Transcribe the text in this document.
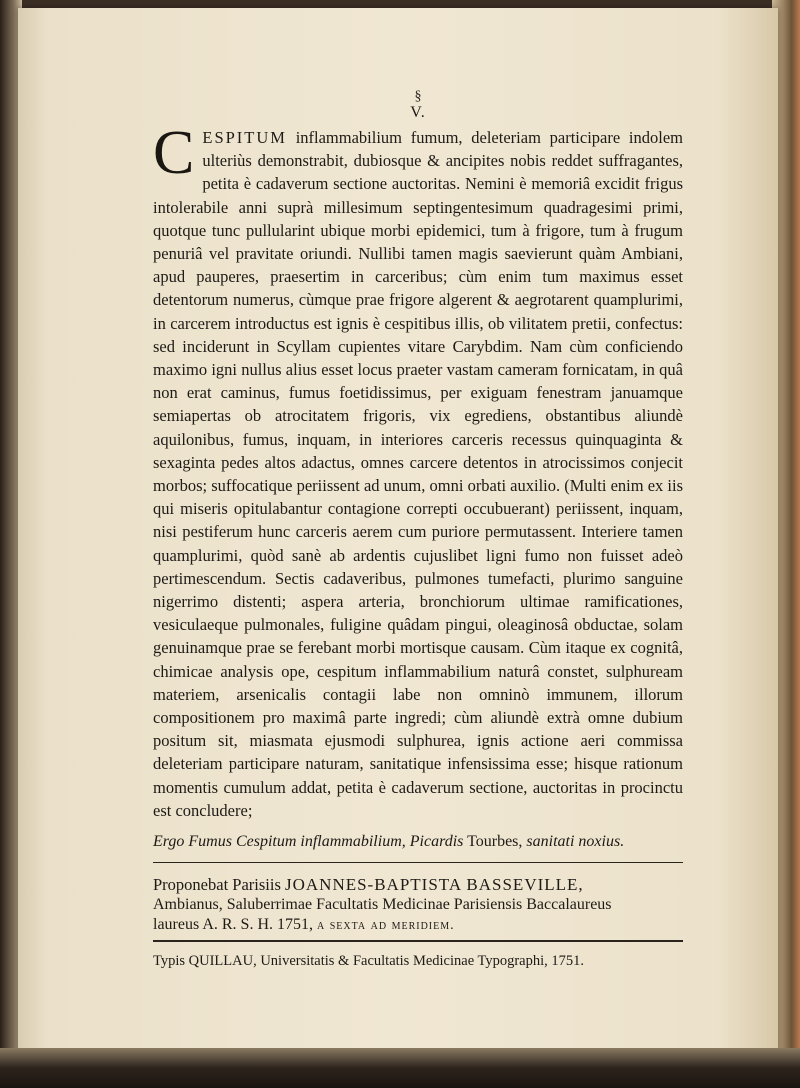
§
V.

CESPITUM inflammabilium fumum, deleteriam participare indolem ulteriùs demonstrabit, dubiosque & ancipites nobis reddet suffragantes, petita è cadaverum sectione auctoritas. Nemini è memoriâ excidit frigus intolerabile anni suprà millesimum septingentesimum quadragesimi primi, quotque tunc pullularint ubique morbi epidemici, tum à frigore, tum à frugum penuriâ vel pravitate oriundi. Nullibi tamen magis saevierunt quàm Ambiani, apud pauperes, praesertim in carceribus; cùm enim tum maximus esset detentorum numerus, cùmque prae frigore algerent & aegrotarent quamplurimi, in carcerem introductus est ignis è cespitibus illis, ob vilitatem pretii, confectus: sed inciderunt in Scyllam cupientes vitare Carybdim. Nam cùm conficiendo maximo igni nullus alius esset locus praeter vastam cameram fornicatam, in quâ non erat caminus, fumus foetidissimus, per exiguam fenestram januamque semiapertas ob atrocitatem frigoris, vix egrediens, obstantibus aliundè aquilonibus, fumus, inquam, in interiores carceris recessus quinquaginta & sexaginta pedes altos adactus, omnes carcere detentos in atrocissimos conjecit morbos; suffocatique periissent ad unum, omni orbati auxilio. (Multi enim ex iis qui miseris opitulabantur contagione correpti occubuerant) periissent, inquam, nisi pestiferum hunc carceris aerem cum puriore permutassent. Interiere tamen quamplurimi, quòd sanè ab ardentis cujuslibet ligni fumo non fuisset adeò pertimescendum. Sectis cadaveribus, pulmones tumefacti, plurimo sanguine nigerrimo distenti; aspera arteria, bronchiorum ultimae ramificationes, vesiculaeque pulmonales, fuligine quâdam pingui, oleaginosâ obductae, solam genuinamque prae se ferebant morbi mortisque causam. Cùm itaque ex cognitâ, chimicae analysis ope, cespitum inflammabilium naturâ constet, sulphuream materiem, arsenicalis contagii labe non omninò immunem, illorum compositionem pro maximâ parte ingredi; cùm aliundè extrà omne dubium positum sit, miasmata ejusmodi sulphurea, ignis actione aeri commissa deleteriam participare naturam, sanitatique infensissima esse; hisque rationum momentis cumulum addat, petita è cadaverum sectione, auctoritas in procinctu est concludere;

Ergo Fumus Cespitum inflammabilium, Picardis Tourbes, sanitati noxius.
Proponebat Parisiis JOANNES-BAPTISTA BASSEVILLE,
Ambianus, Saluberrimae Facultatis Medicinae Parisiensis Baccalaureus
laureus A. R. S. H. 1751, a sexta ad meridiem.
Typis QUILLAU, Universitatis & Facultatis Medicinae Typographi, 1751.
